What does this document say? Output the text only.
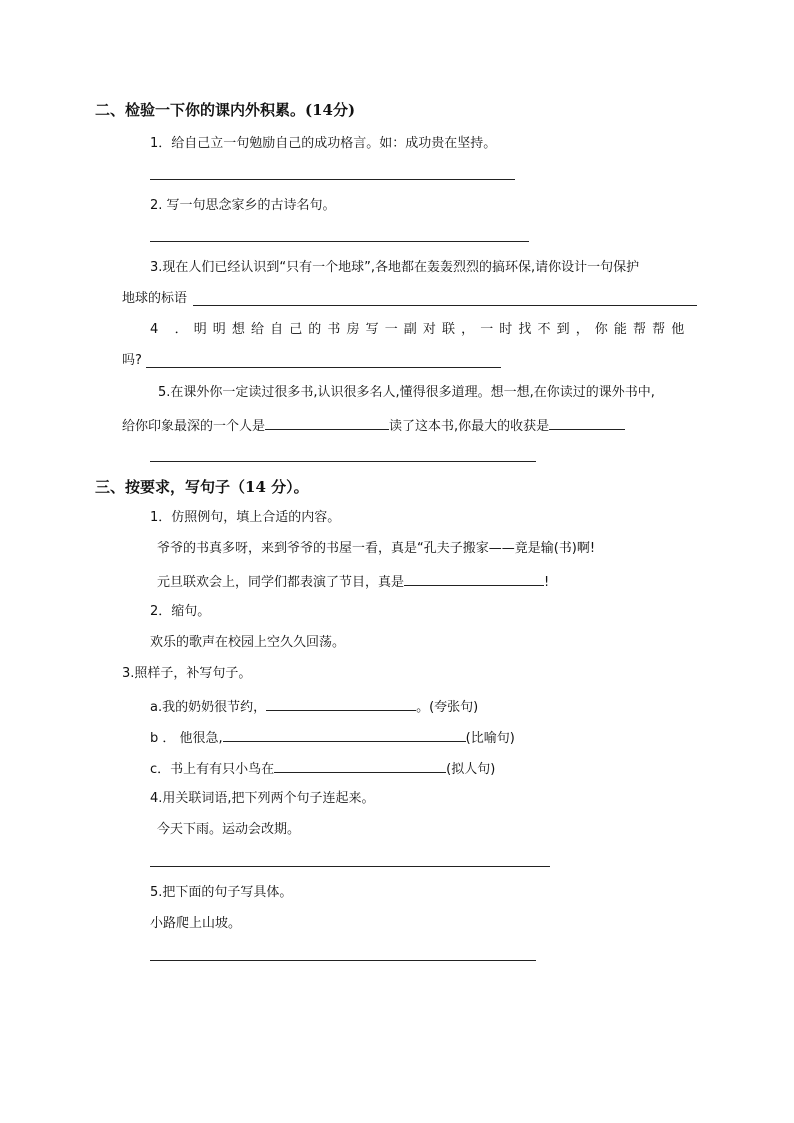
二、检验一下你的课内外积累。(14分)
1．给自己立一句勉励自己的成功格言。如：成功贵在坚持。
2. 写一句思念家乡的古诗名句。
3.现在人们已经认识到“只有一个地球”,各地都在轰轰烈烈的搞环保,请你设计一句保护
地球的标语
4 ．明明想给自己的书房写一副对联，一时找不到，你能帮帮他
吗?
5.在课外你一定读过很多书,认识很多名人,懂得很多道理。想一想,在你读过的课外书中,
给你印象最深的一个人是	读了这本书,你最大的收获是
三、按要求，写句子（14 分）。
1．仿照例句，填上合适的内容。
爷爷的书真多呀，来到爷爷的书屋一看，真是“孔夫子搬家——竟是输(书)啊!
元旦联欢会上，同学们都表演了节目，真是	!
2．缩句。
欢乐的歌声在校园上空久久回荡。
3.照样子，补写句子。
a.我的奶奶很节约，	。(夸张句)
b ． 他很急,	(比喻句)
c．书上有有只小鸟在	(拟人句)
4.用关联词语,把下列两个句子连起来。
今天下雨。运动会改期。
5.把下面的句子写具体。
小路爬上山坡。
